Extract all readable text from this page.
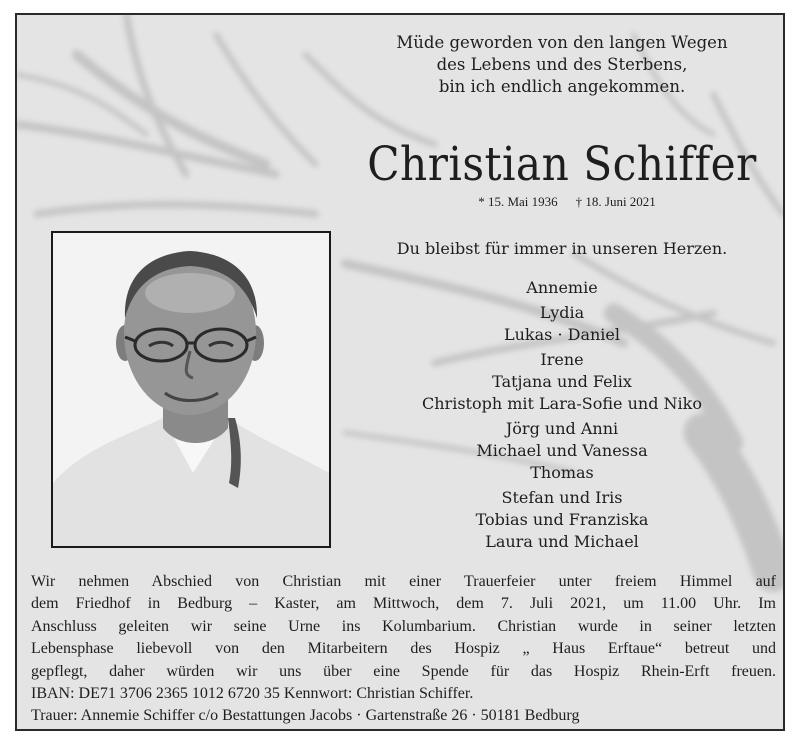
Müde geworden von den langen Wegen
des Lebens und des Sterbens,
bin ich endlich angekommen.
Christian Schiffer
* 15. Mai 1936 † 18. Juni 2021
Du bleibst für immer in unseren Herzen.
Annemie
Lydia
Lukas · Daniel
Irene
Tatjana und Felix
Christoph mit Lara-Sofie und Niko
Jörg und Anni
Michael und Vanessa
Thomas
Stefan und Iris
Tobias und Franziska
Laura und Michael
Wir nehmen Abschied von Christian mit einer Trauerfeier unter freiem Himmel auf
dem Friedhof in Bedburg – Kaster, am Mittwoch, dem 7. Juli 2021, um 11.00 Uhr. Im
Anschluss geleiten wir seine Urne ins Kolumbarium. Christian wurde in seiner letzten
Lebensphase liebevoll von den Mitarbeitern des Hospiz „ Haus Erftaue“ betreut und
gepflegt, daher würden wir uns über eine Spende für das Hospiz Rhein-Erft freuen.
IBAN: DE71 3706 2365 1012 6720 35 Kennwort: Christian Schiffer.
Trauer: Annemie Schiffer c/o Bestattungen Jacobs · Gartenstraße 26 · 50181 Bedburg
